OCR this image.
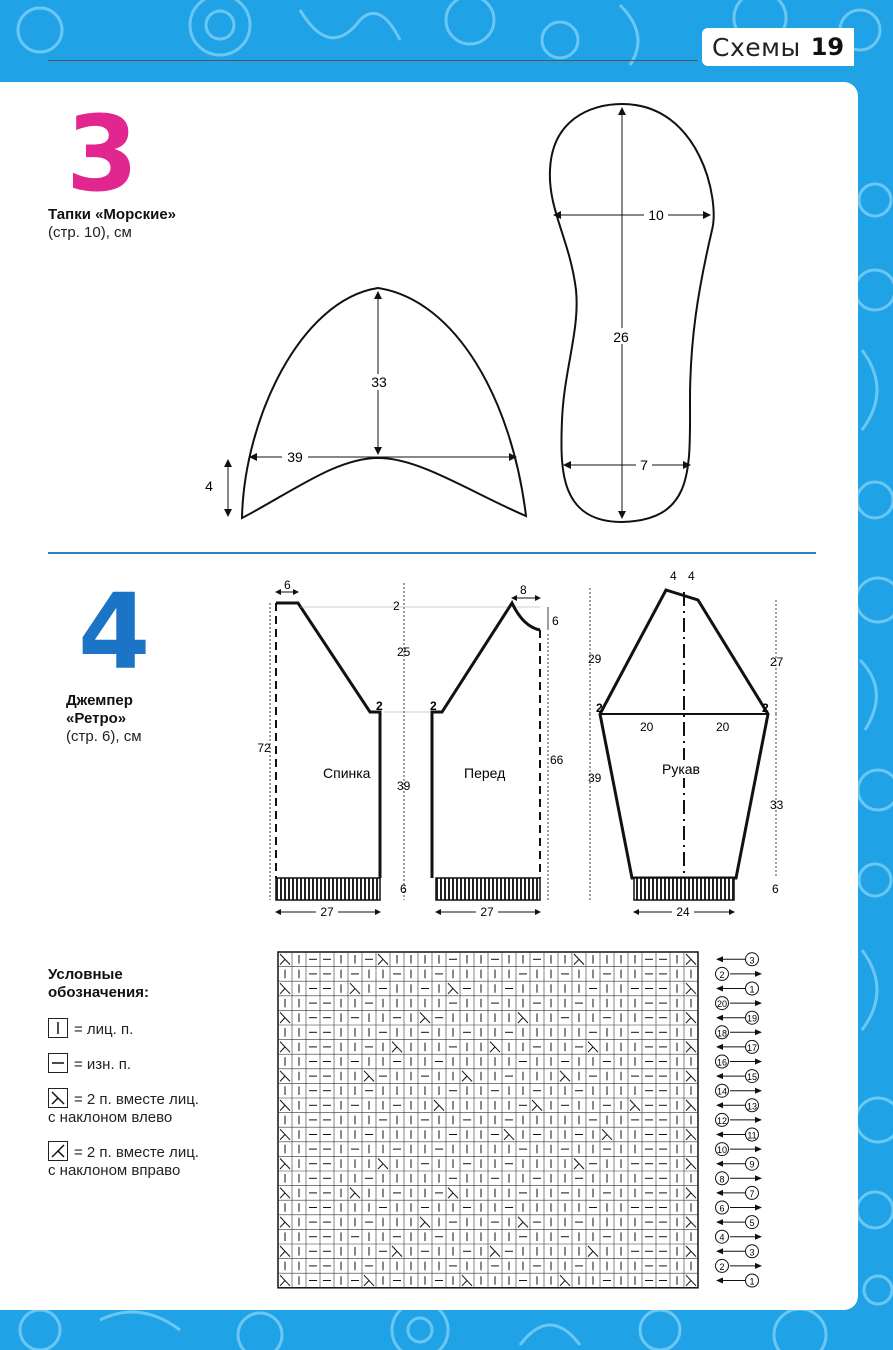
Схемы 19
3
Тапки «Морские»
(стр. 10), см
39
33
4
10
26
7
4
Джемпер
«Ретро»
(стр. 6), см
6
72
Спинка
2
27
2
25
39
6
8
6
2
Перед
66
27
4 4
29	27
2	2
20	20
Рукав
39
33
6
24
Условные
обозначения:
= лиц. п.
= изн. п.
= 2 п. вместе лиц.
с наклоном влево
= 2 п. вместе лиц.
с наклоном вправо
3
2
1
20
19
18
17
16
15
14
13
12
11
10
9
8
7
6
5
4
3
2
1
